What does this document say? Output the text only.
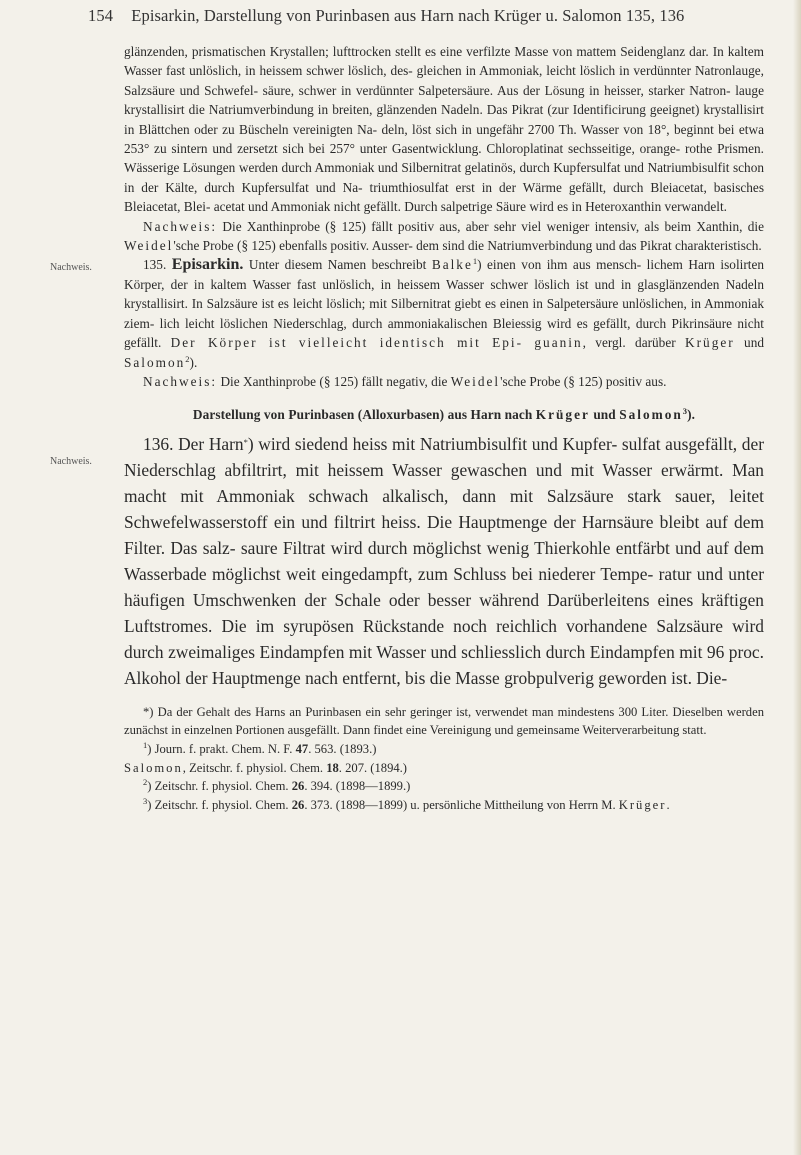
154 Episarkin, Darstellung von Purinbasen aus Harn nach Krüger u. Salomon 135, 136
Nachweis.
Nachweis.

glänzenden, prismatischen Krystallen; lufttrocken stellt es eine verfilzte Masse von mattem Seidenglanz dar. In kaltem Wasser fast unlöslich, in heissem schwer löslich, des- gleichen in Ammoniak, leicht löslich in verdünnter Natronlauge, Salzsäure und Schwefel- säure, schwer in verdünnter Salpetersäure. Aus der Lösung in heisser, starker Natron- lauge krystallisirt die Natriumverbindung in breiten, glänzenden Nadeln. Das Pikrat (zur Identificirung geeignet) krystallisirt in Blättchen oder zu Büscheln vereinigten Na- deln, löst sich in ungefähr 2700 Th. Wasser von 18°, beginnt bei etwa 253° zu sintern und zersetzt sich bei 257° unter Gasentwicklung. Chloroplatinat sechsseitige, orange- rothe Prismen. Wässerige Lösungen werden durch Ammoniak und Silbernitrat gelatinös, durch Kupfersulfat und Natriumbisulfit schon in der Kälte, durch Kupfersulfat und Na- triumthiosulfat erst in der Wärme gefällt, durch Bleiacetat, basisches Bleiacetat, Blei- acetat und Ammoniak nicht gefällt. Durch salpetrige Säure wird es in Heteroxanthin verwandelt.

Nachweis: Die Xanthinprobe (§ 125) fällt positiv aus, aber sehr viel weniger intensiv, als beim Xanthin, die Weidel'sche Probe (§ 125) ebenfalls positiv. Ausser- dem sind die Natriumverbindung und das Pikrat charakteristisch.

135. Episarkin. Unter diesem Namen beschreibt Balke$^1$) einen von ihm aus mensch- lichem Harn isolirten Körper, der in kaltem Wasser fast unlöslich, in heissem Wasser schwer löslich ist und in glasglänzenden Nadeln krystallisirt. In Salzsäure ist es leicht löslich; mit Silbernitrat giebt es einen in Salpetersäure unlöslichen, in Ammoniak ziem- lich leicht löslichen Niederschlag, durch ammoniakalischen Bleiessig wird es gefällt, durch Pikrinsäure nicht gefällt. Der Körper ist vielleicht identisch mit Epi- guanin, vergl. darüber Krüger und Salomon$^2$).

Nachweis: Die Xanthinprobe (§ 125) fällt negativ, die Weidel'sche Probe (§ 125) positiv aus.

Darstellung von Purinbasen (Alloxurbasen) aus Harn nach Krüger und Salomon$^3$).

136. Der Harn*) wird siedend heiss mit Natriumbisulfit und Kupfer- sulfat ausgefällt, der Niederschlag abfiltrirt, mit heissem Wasser gewaschen und mit Wasser erwärmt. Man macht mit Ammoniak schwach alkalisch, dann mit Salzsäure stark sauer, leitet Schwefelwasserstoff ein und filtrirt heiss. Die Hauptmenge der Harnsäure bleibt auf dem Filter. Das salz- saure Filtrat wird durch möglichst wenig Thierkohle entfärbt und auf dem Wasserbade möglichst weit eingedampft, zum Schluss bei niederer Tempe- ratur und unter häufigen Umschwenken der Schale oder besser während Darüberleitens eines kräftigen Luftstromes. Die im syrupösen Rückstande noch reichlich vorhandene Salzsäure wird durch zweimaliges Eindampfen mit Wasser und schliesslich durch Eindampfen mit 96 proc. Alkohol der Hauptmenge nach entfernt, bis die Masse grobpulverig geworden ist. Die-

*) Da der Gehalt des Harns an Purinbasen ein sehr geringer ist, verwendet man mindestens 300 Liter. Dieselben werden zunächst in einzelnen Portionen ausgefällt. Dann findet eine Vereinigung und gemeinsame Weiterverarbeitung statt.

$^1$) Journ. f. prakt. Chem. N. F. 47. 563. (1893.)
Salomon, Zeitschr. f. physiol. Chem. 18. 207. (1894.)

$^2$) Zeitschr. f. physiol. Chem. 26. 394. (1898—1899.)

$^3$) Zeitschr. f. physiol. Chem. 26. 373. (1898—1899) u. persönliche Mittheilung von Herrn M. Krüger.
